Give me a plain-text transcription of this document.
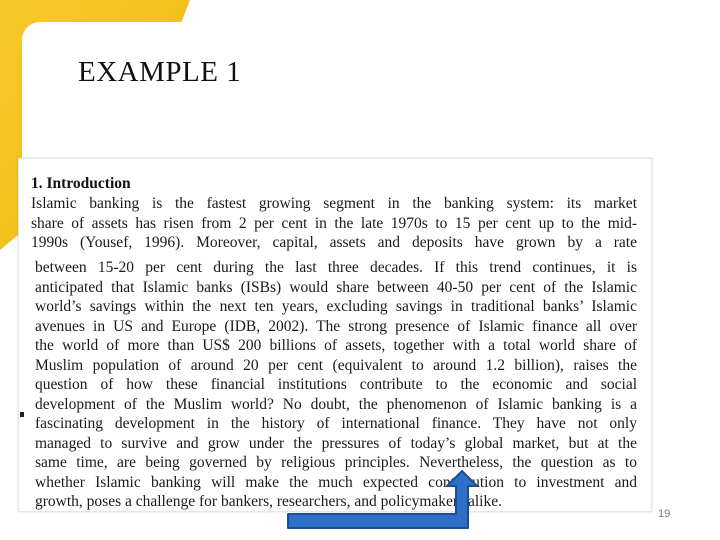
EXAMPLE 1

1. Introduction

Islamic banking is the fastest growing segment in the banking system: its market
share of assets has risen from 2 per cent in the late 1970s to 15 per cent up to the mid-
1990s (Yousef, 1996). Moreover, capital, assets and deposits have grown by a rate
between 15-20 per cent during the last three decades. If this trend continues, it is
anticipated that Islamic banks (ISBs) would share between 40-50 per cent of the Islamic
world’s savings within the next ten years, excluding savings in traditional banks’ Islamic
avenues in US and Europe (IDB, 2002). The strong presence of Islamic finance all over
the world of more than US$ 200 billions of assets, together with a total world share of
Muslim population of around 20 per cent (equivalent to around 1.2 billion), raises the
question of how these financial institutions contribute to the economic and social
development of the Muslim world? No doubt, the phenomenon of Islamic banking is a
fascinating development in the history of international finance. They have not only
managed to survive and grow under the pressures of today’s global market, but at the
same time, are being governed by religious principles. Nevertheless, the question as to
whether Islamic banking will make the much expected contribution to investment and
growth, poses a challenge for bankers, researchers, and policymakers alike.
19
